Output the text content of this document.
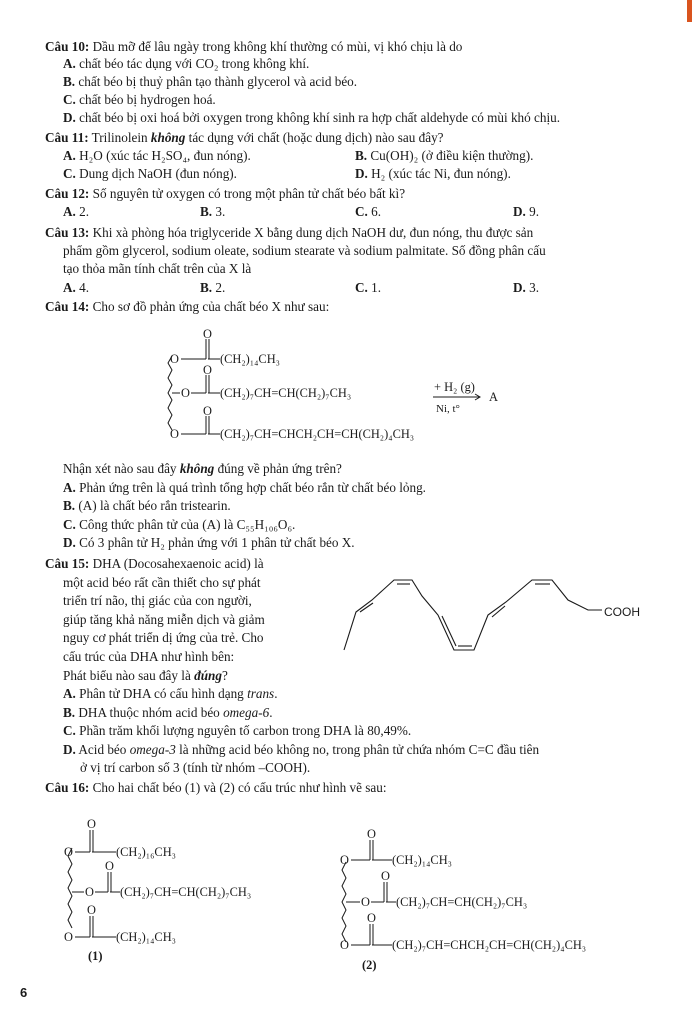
Câu 10: Dầu mỡ để lâu ngày trong không khí thường có mùi, vị khó chịu là do
A. chất béo tác dụng với CO₂ trong không khí.
B. chất béo bị thuỷ phân tạo thành glycerol và acid béo.
C. chất béo bị hydrogen hoá.
D. chất béo bị oxi hoá bởi oxygen trong không khí sinh ra hợp chất aldehyde có mùi khó chịu.
Câu 11: Trilinolein không tác dụng với chất (hoặc dung dịch) nào sau đây?
A. H₂O (xúc tác H₂SO₄, đun nóng).	B. Cu(OH)₂ (ở điều kiện thường).
C. Dung dịch NaOH (đun nóng).	D. H₂ (xúc tác Ni, đun nóng).
Câu 12: Số nguyên tử oxygen có trong một phân tử chất béo bất kì?
A. 2.	B. 3.	C. 6.	D. 9.
Câu 13: Khi xà phòng hóa triglyceride X bằng dung dịch NaOH dư, đun nóng, thu được sản
phẩm gồm glycerol, sodium oleate, sodium stearate và sodium palmitate. Số đồng phân cấu
tạo thỏa mãn tính chất trên của X là
A. 4.	B. 2.	C. 1.	D. 3.
Câu 14: Cho sơ đồ phản ứng của chất béo X như sau:
O
O
(CH₂)₁₄CH₃
O
O
(CH₂)₇CH=CH(CH₂)₇CH₃
O
O
(CH₂)₇CH=CHCH₂CH=CH(CH₂)₄CH₃
+ H₂ (g)
Ni, t°
A
Nhận xét nào sau đây không đúng về phản ứng trên?
A. Phản ứng trên là quá trình tổng hợp chất béo rắn từ chất béo lỏng.
B. (A) là chất béo rắn tristearin.
C. Công thức phân tử của (A) là C₅₅H₁₀₆O₆.
D. Có 3 phân tử H₂ phản ứng với 1 phân tử chất béo X.
Câu 15: DHA (Docosahexaenoic acid) là
một acid béo rất cần thiết cho sự phát
triển trí não, thị giác của con người,
giúp tăng khả năng miễn dịch và giảm
nguy cơ phát triển dị ứng của trẻ. Cho
cấu trúc của DHA như hình bên:
COOH
Phát biểu nào sau đây là đúng?
A. Phân tử DHA có cấu hình dạng trans.
B. DHA thuộc nhóm acid béo omega-6.
C. Phần trăm khối lượng nguyên tố carbon trong DHA là 80,49%.
D. Acid béo omega-3 là những acid béo không no, trong phân tử chứa nhóm C=C đầu tiên
ở vị trí carbon số 3 (tính từ nhóm –COOH).
Câu 16: Cho hai chất béo (1) và (2) có cấu trúc như hình vẽ sau:
O
O
(CH₂)₁₆CH₃
O
O
(CH₂)₇CH=CH(CH₂)₇CH₃
O
O
(CH₂)₁₄CH₃
(1)
O
O
(CH₂)₁₄CH₃
O
O
(CH₂)₇CH=CH(CH₂)₇CH₃
O
O
(CH₂)₇CH=CHCH₂CH=CH(CH₂)₄CH₃
(2)
6
